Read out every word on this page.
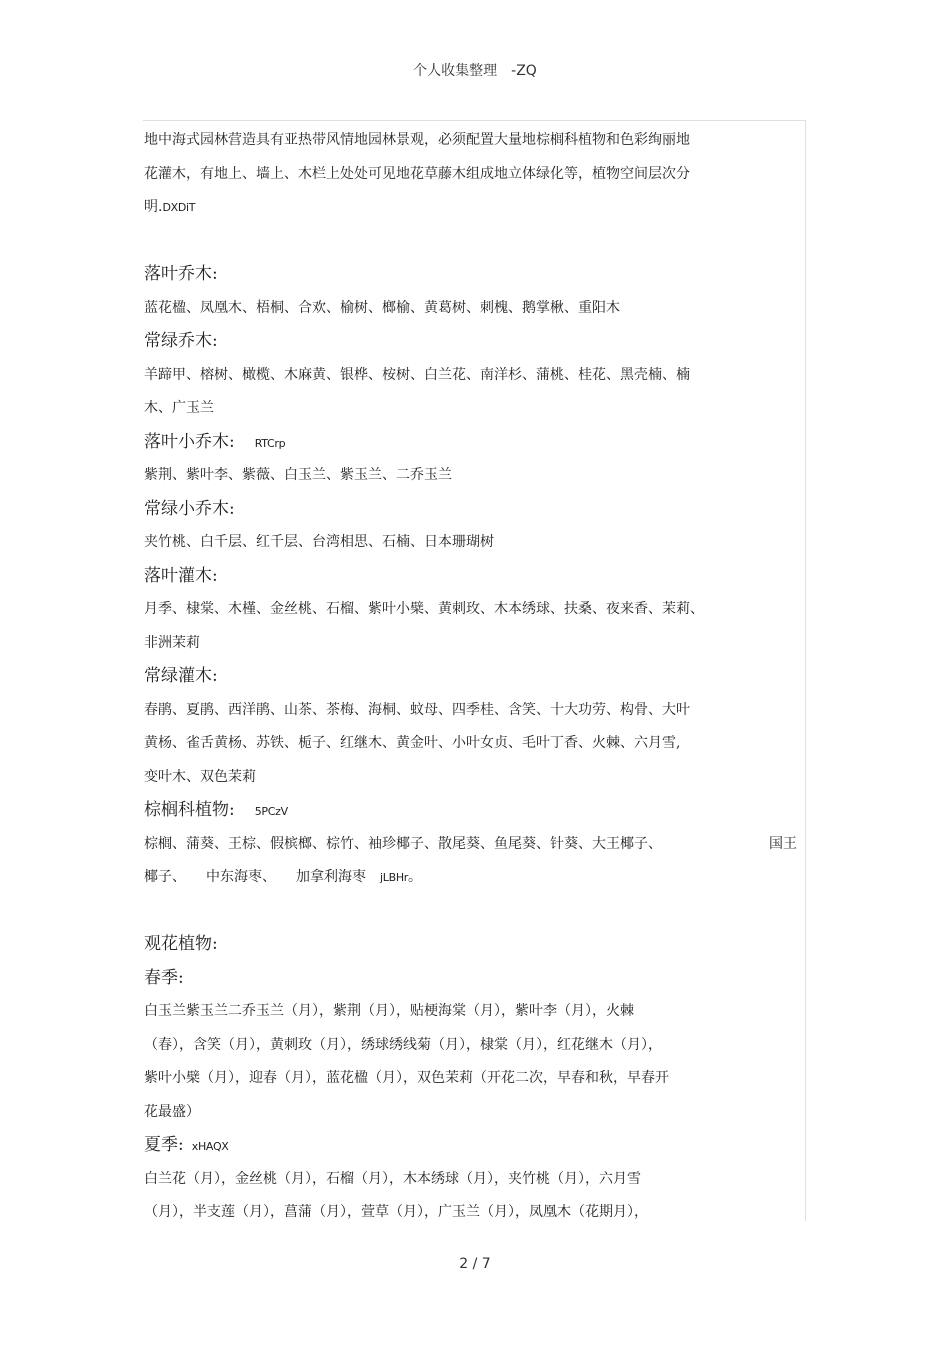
个人收集整理 -ZQ
地中海式园林营造具有亚热带风情地园林景观，必须配置大量地棕榈科植物和色彩绚丽地
花灌木，有地上、墙上、木栏上处处可见地花草藤木组成地立体绿化等，植物空间层次分
明.DXDiT
落叶乔木:
蓝花楹、凤凰木、梧桐、合欢、榆树、榔榆、黄葛树、刺槐、鹅掌楸、重阳木
常绿乔木:
羊蹄甲、榕树、橄榄、木麻黄、银桦、桉树、白兰花、南洋杉、蒲桃、桂花、黑壳楠、楠
木、广玉兰
落叶小乔木: RTCrp
紫荆、紫叶李、紫薇、白玉兰、紫玉兰、二乔玉兰
常绿小乔木:
夹竹桃、白千层、红千层、台湾相思、石楠、日本珊瑚树
落叶灌木:
月季、棣棠、木槿、金丝桃、石榴、紫叶小檗、黄刺玫、木本绣球、扶桑、夜来香、茉莉、
非洲茉莉
常绿灌木:
春鹃、夏鹃、西洋鹃、山茶、茶梅、海桐、蚊母、四季桂、含笑、十大功劳、构骨、大叶
黄杨、雀舌黄杨、苏铁、栀子、红继木、黄金叶、小叶女贞、毛叶丁香、火棘、六月雪,
变叶木、双色茉莉
棕榈科植物: 5PCzV
棕榈、蒲葵、王棕、假槟榔、棕竹、袖珍椰子、散尾葵、鱼尾葵、针葵、大王椰子、	国王
椰子、 中东海枣、 加拿利海枣 jLBHr。
观花植物:
春季:
白玉兰紫玉兰二乔玉兰（月），紫荆（月），贴梗海棠（月），紫叶李（月），火棘
（春），含笑（月），黄刺玫（月），绣球绣线菊（月），棣棠（月），红花继木（月），
紫叶小檗（月），迎春（月），蓝花楹（月），双色茉莉（开花二次，早春和秋，早春开
花最盛）
夏季: xHAQX
白兰花（月），金丝桃（月），石榴（月），木本绣球（月），夹竹桃（月），六月雪
（月），半支莲（月），菖蒲（月），萱草（月），广玉兰（月），凤凰木（花期月），
2 / 7
